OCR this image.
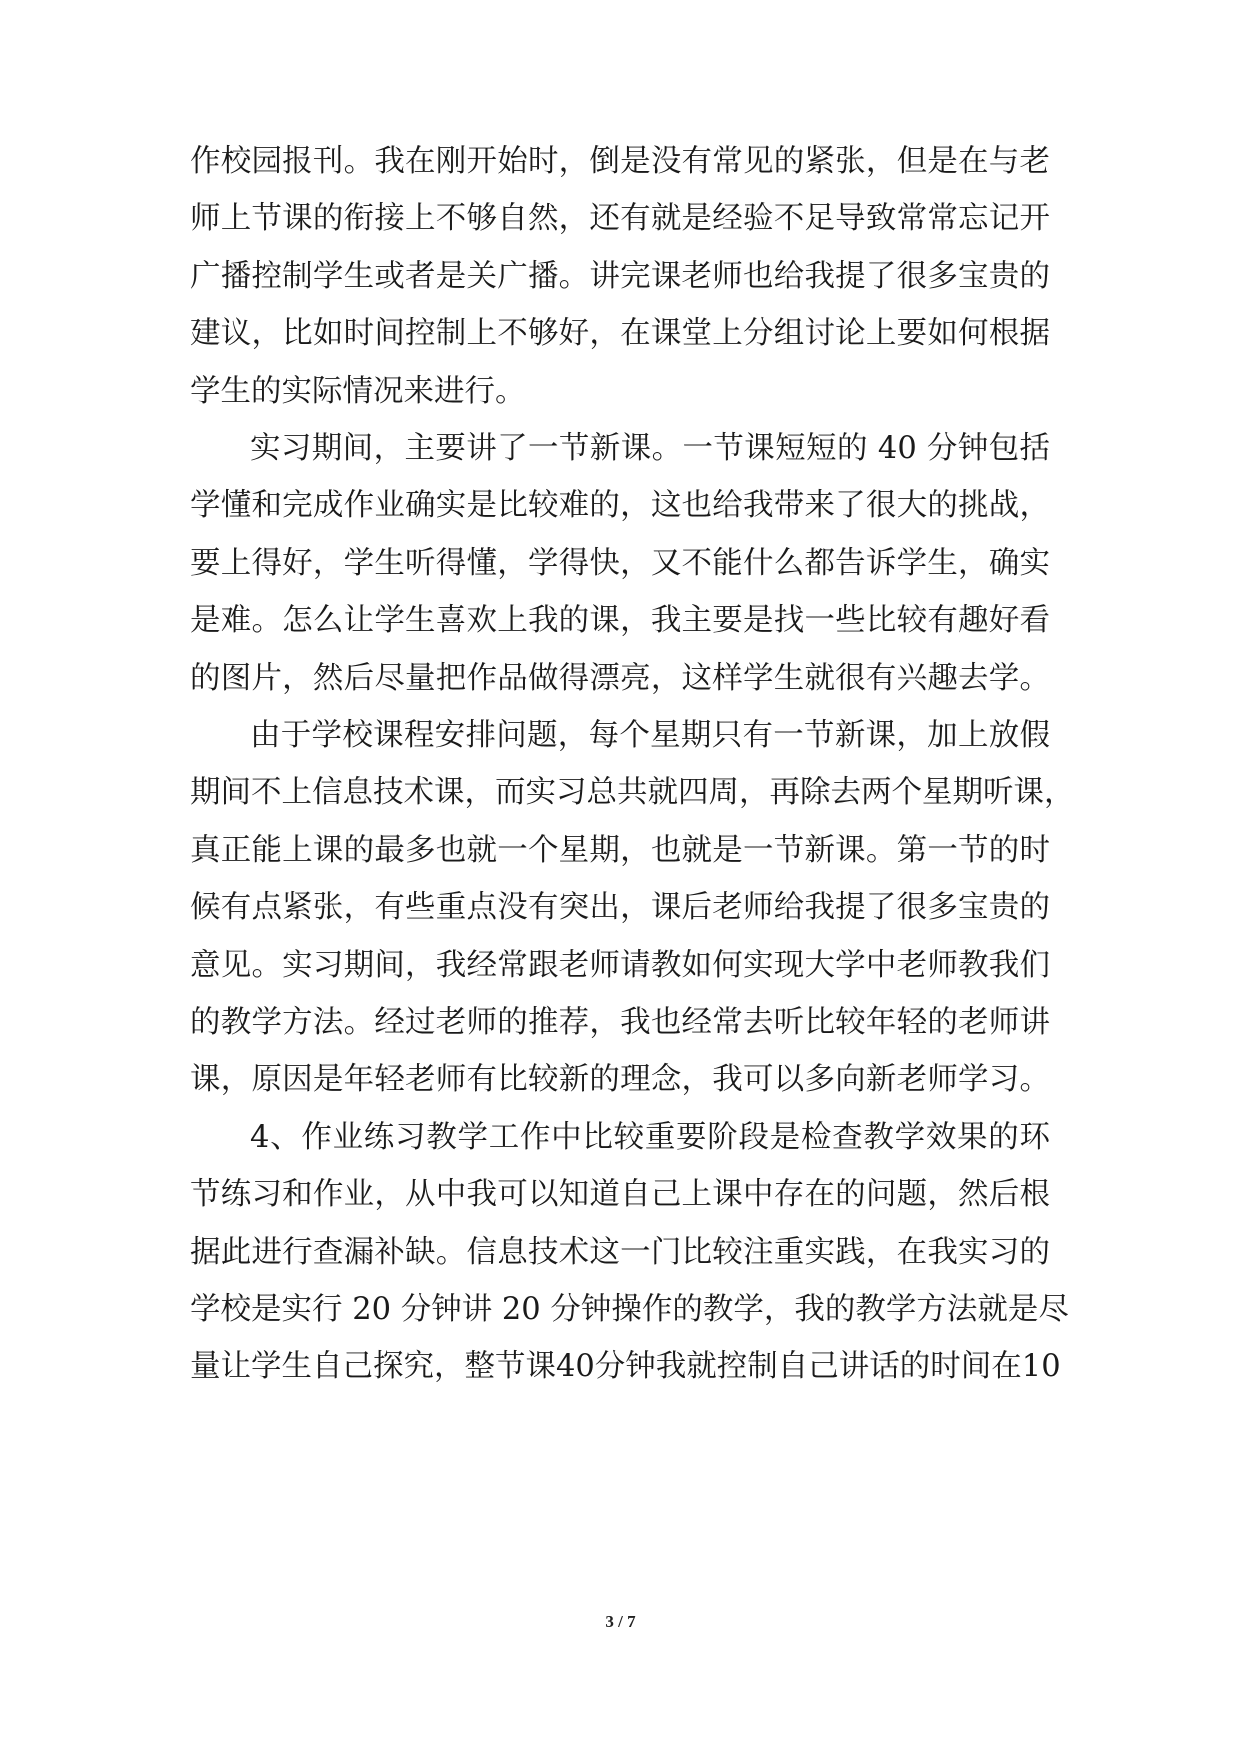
作校园报刊。我在刚开始时，倒是没有常见的紧张，但是在与老
师上节课的衔接上不够自然，还有就是经验不足导致常常忘记开
广播控制学生或者是关广播。讲完课老师也给我提了很多宝贵的
建议，比如时间控制上不够好，在课堂上分组讨论上要如何根据
学生的实际情况来进行。
实习期间，主要讲了一节新课。一节课短短的 40 分钟包括
学懂和完成作业确实是比较难的，这也给我带来了很大的挑战，
要上得好，学生听得懂，学得快，又不能什么都告诉学生，确实
是难。怎么让学生喜欢上我的课，我主要是找一些比较有趣好看
的图片，然后尽量把作品做得漂亮，这样学生就很有兴趣去学。
由于学校课程安排问题，每个星期只有一节新课，加上放假
期间不上信息技术课，而实习总共就四周，再除去两个星期听课，
真正能上课的最多也就一个星期，也就是一节新课。第一节的时
候有点紧张，有些重点没有突出，课后老师给我提了很多宝贵的
意见。实习期间，我经常跟老师请教如何实现大学中老师教我们
的教学方法。经过老师的推荐，我也经常去听比较年轻的老师讲
课，原因是年轻老师有比较新的理念，我可以多向新老师学习。
4、作业练习教学工作中比较重要阶段是检查教学效果的环
节练习和作业，从中我可以知道自己上课中存在的问题，然后根
据此进行查漏补缺。信息技术这一门比较注重实践，在我实习的
学校是实行 20 分钟讲 20 分钟操作的教学，我的教学方法就是尽
量让学生自己探究，整节课40分钟我就控制自己讲话的时间在10
3 / 7
